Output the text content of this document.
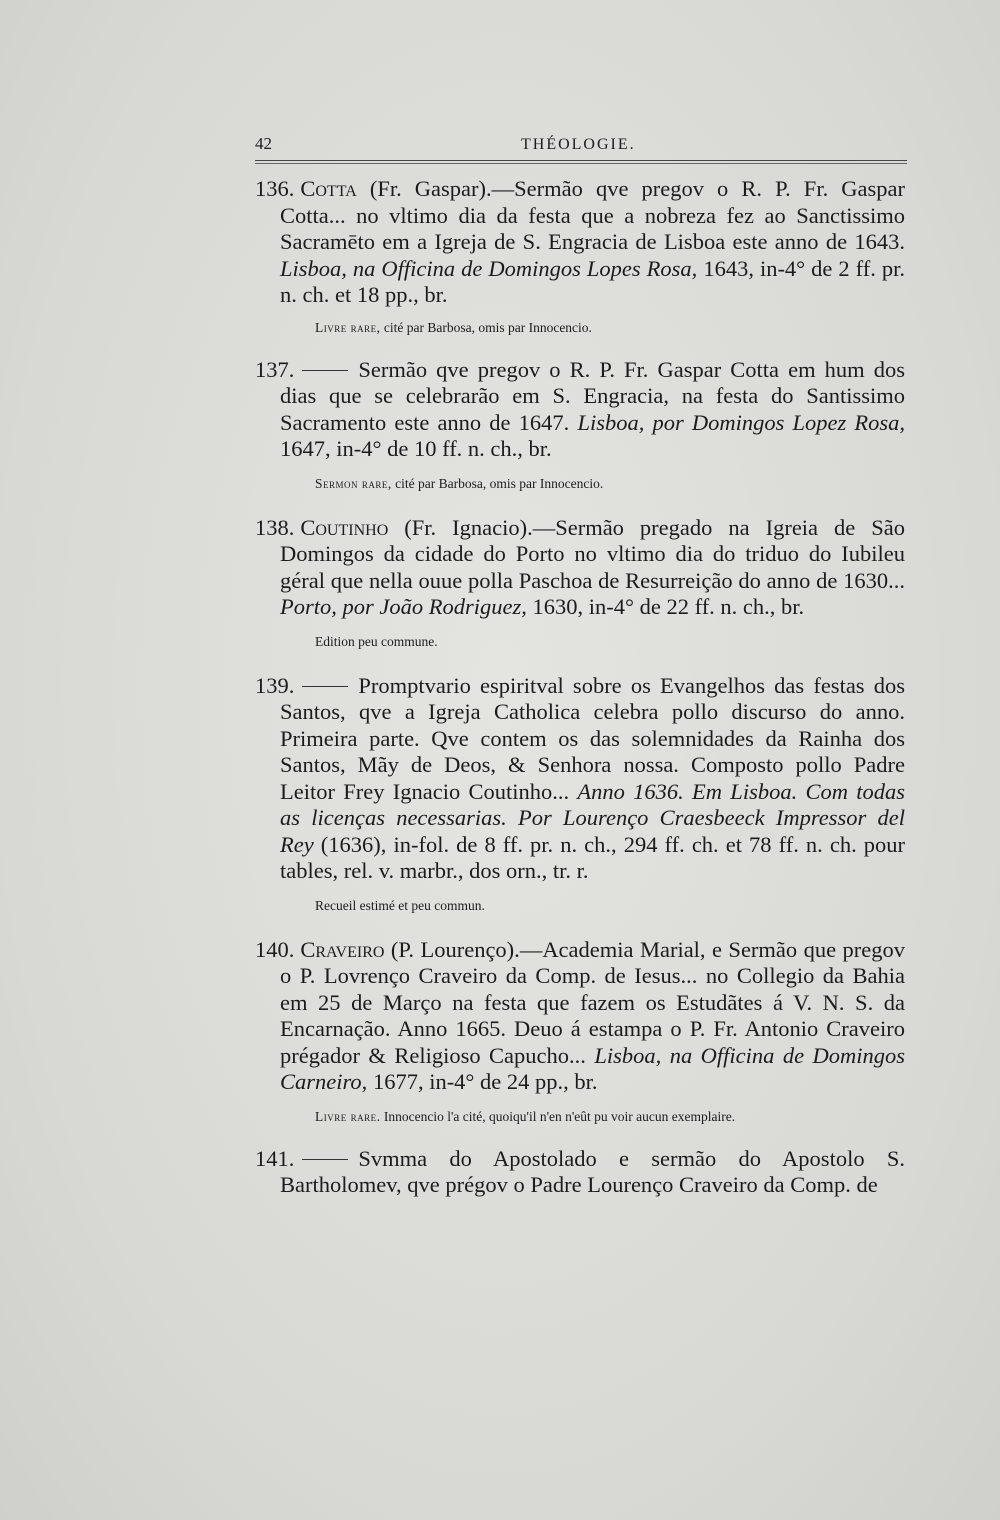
42	THÉOLOGIE.

136. Cotta (Fr. Gaspar).—Sermão qve pregov o R. P. Fr. Gaspar Cotta... no vltimo dia da festa que a nobreza fez ao Sanctissimo Sacramēto em a Igreja de S. Engracia de Lisboa este anno de 1643. Lisboa, na Officina de Domingos Lopes Rosa, 1643, in-4° de 2 ff. pr. n. ch. et 18 pp., br.

Livre rare, cité par Barbosa, omis par Innocencio.

137.	Sermão qve pregov o R. P. Fr. Gaspar Cotta em hum dos dias que se celebrarão em S. Engracia, na festa do Santissimo Sacramento este anno de 1647. Lisboa, por Domingos Lopez Rosa, 1647, in-4° de 10 ff. n. ch., br.

Sermon rare, cité par Barbosa, omis par Innocencio.

138. Coutinho (Fr. Ignacio).—Sermão pregado na Igreia de São Domingos da cidade do Porto no vltimo dia do triduo do Iubileu géral que nella ouue polla Paschoa de Resurreição do anno de 1630... Porto, por João Rodriguez, 1630, in-4° de 22 ff. n. ch., br.

Edition peu commune.

139.	Promptvario espiritval sobre os Evangelhos das festas dos Santos, qve a Igreja Catholica celebra pollo discurso do anno. Primeira parte. Qve contem os das solemnidades da Rainha dos Santos, Mãy de Deos, & Senhora nossa. Composto pollo Padre Leitor Frey Ignacio Coutinho... Anno 1636. Em Lisboa. Com todas as licenças necessarias. Por Lourenço Craesbeeck Impressor del Rey (1636), in-fol. de 8 ff. pr. n. ch., 294 ff. ch. et 78 ff. n. ch. pour tables, rel. v. marbr., dos orn., tr. r.

Recueil estimé et peu commun.

140. Craveiro (P. Lourenço).—Academia Marial, e Sermão que pregov o P. Lovrenço Craveiro da Comp. de Iesus... no Collegio da Bahia em 25 de Março na festa que fazem os Estudãtes á V. N. S. da Encarnação. Anno 1665. Deuo á estampa o P. Fr. Antonio Craveiro prégador & Religioso Capucho... Lisboa, na Officina de Domingos Carneiro, 1677, in-4° de 24 pp., br.

Livre rare. Innocencio l'a cité, quoiqu'il n'en n'eût pu voir aucun exemplaire.

141.	Svmma do Apostolado e sermão do Apostolo S. Bartholomev, qve prégov o Padre Lourenço Craveiro da Comp. de
